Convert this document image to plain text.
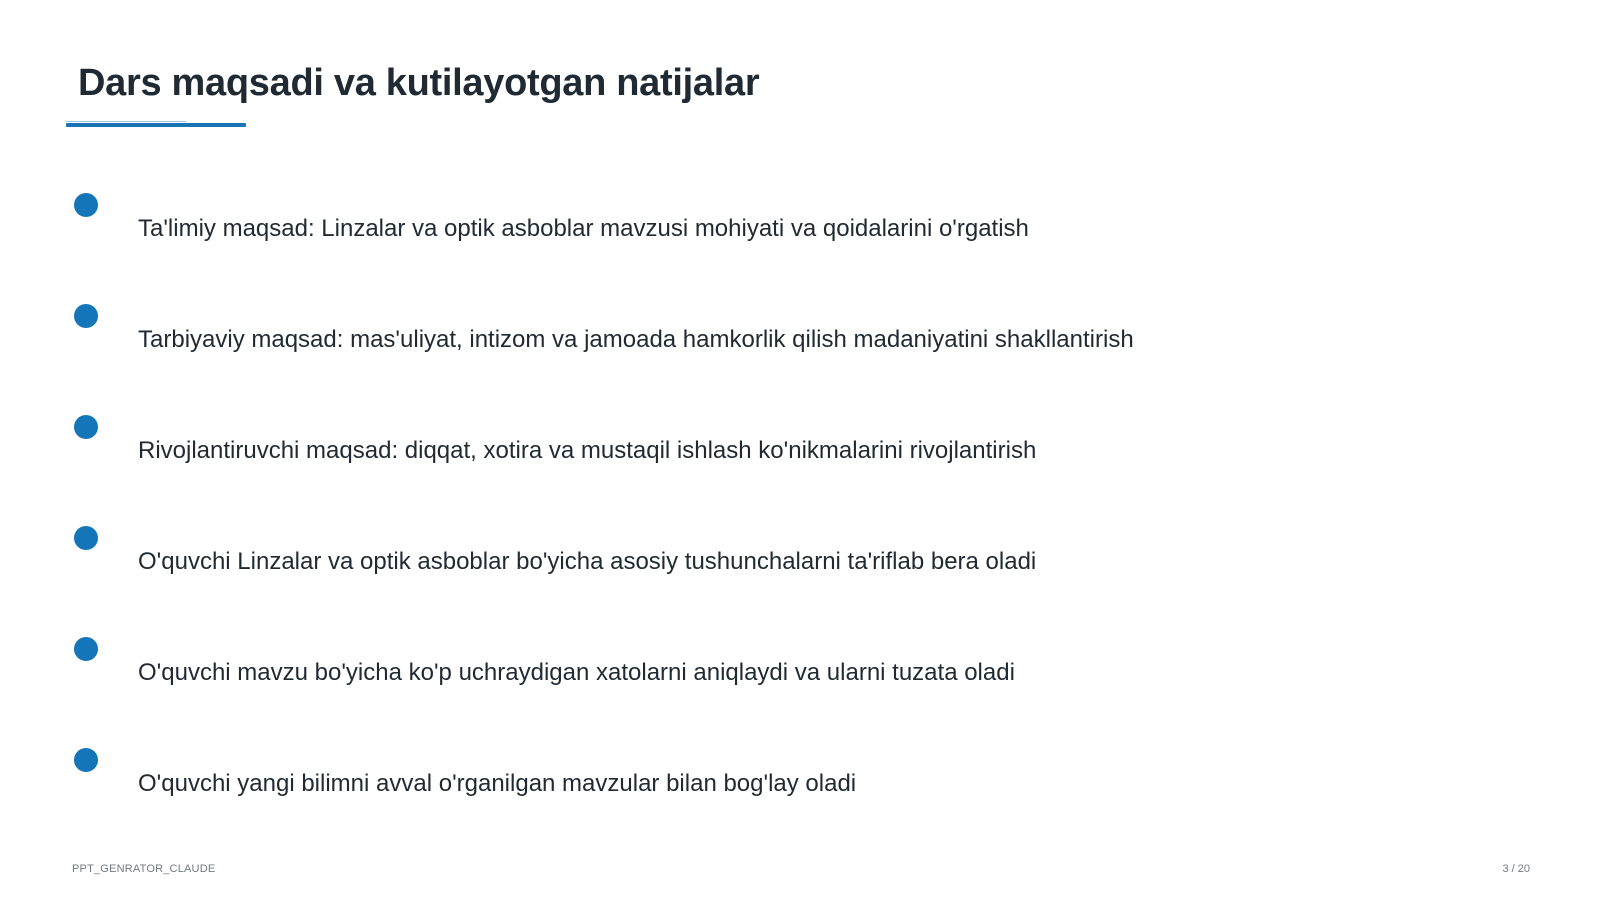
Dars maqsadi va kutilayotgan natijalar
Ta'limiy maqsad: Linzalar va optik asboblar mavzusi mohiyati va qoidalarini o'rgatish
Tarbiyaviy maqsad: mas'uliyat, intizom va jamoada hamkorlik qilish madaniyatini shakllantirish
Rivojlantiruvchi maqsad: diqqat, xotira va mustaqil ishlash ko'nikmalarini rivojlantirish
O'quvchi Linzalar va optik asboblar bo'yicha asosiy tushunchalarni ta'riflab bera oladi
O'quvchi mavzu bo'yicha ko'p uchraydigan xatolarni aniqlaydi va ularni tuzata oladi
O'quvchi yangi bilimni avval o'rganilgan mavzular bilan bog'lay oladi
PPT_GENRATOR_CLAUDE	3 / 20
